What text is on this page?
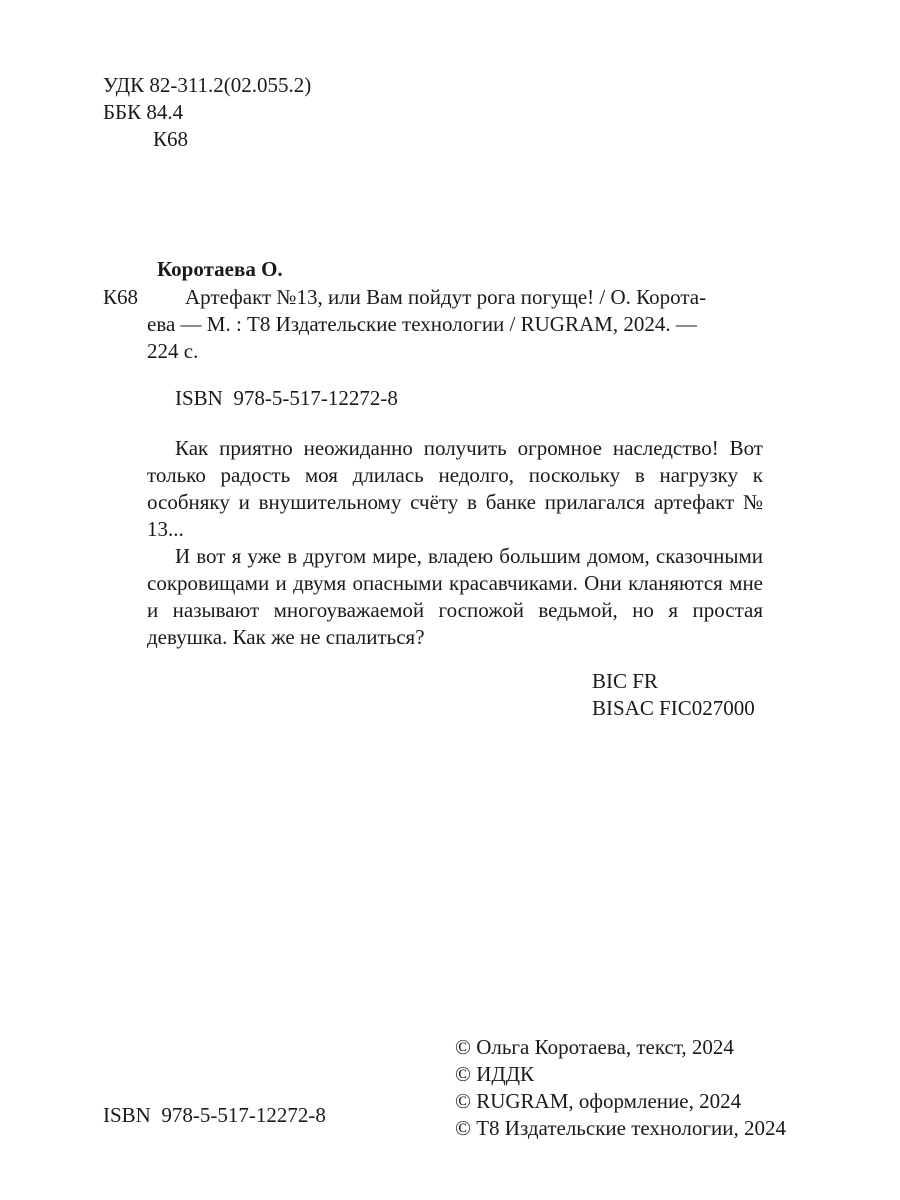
УДК 82-311.2(02.055.2)
ББК 84.4
К68
Коротаева О.
К68 Артефакт №13, или Вам пойдут рога погуще! / О. Корота-
ева — М. : Т8 Издательские технологии / RUGRAM, 2024. —
224 с.
ISBN  978-5-517-12272-8
Как приятно неожиданно получить огромное наследство! Вот только радость моя длилась недолго, поскольку в нагрузку к особняку и внушительному счёту в банке прилагался артефакт № 13...
И вот я уже в другом мире, владею большим домом, сказочными сокровищами и двумя опасными красавчиками. Они кланяются мне и называют многоуважаемой госпожой ведьмой, но я простая девушка. Как же не спалиться?
BIC FR
BISAC FIC027000
ISBN  978-5-517-12272-8
© Ольга Коротаева, текст, 2024
© ИДДК
© RUGRAM, оформление, 2024
© Т8 Издательские технологии, 2024
